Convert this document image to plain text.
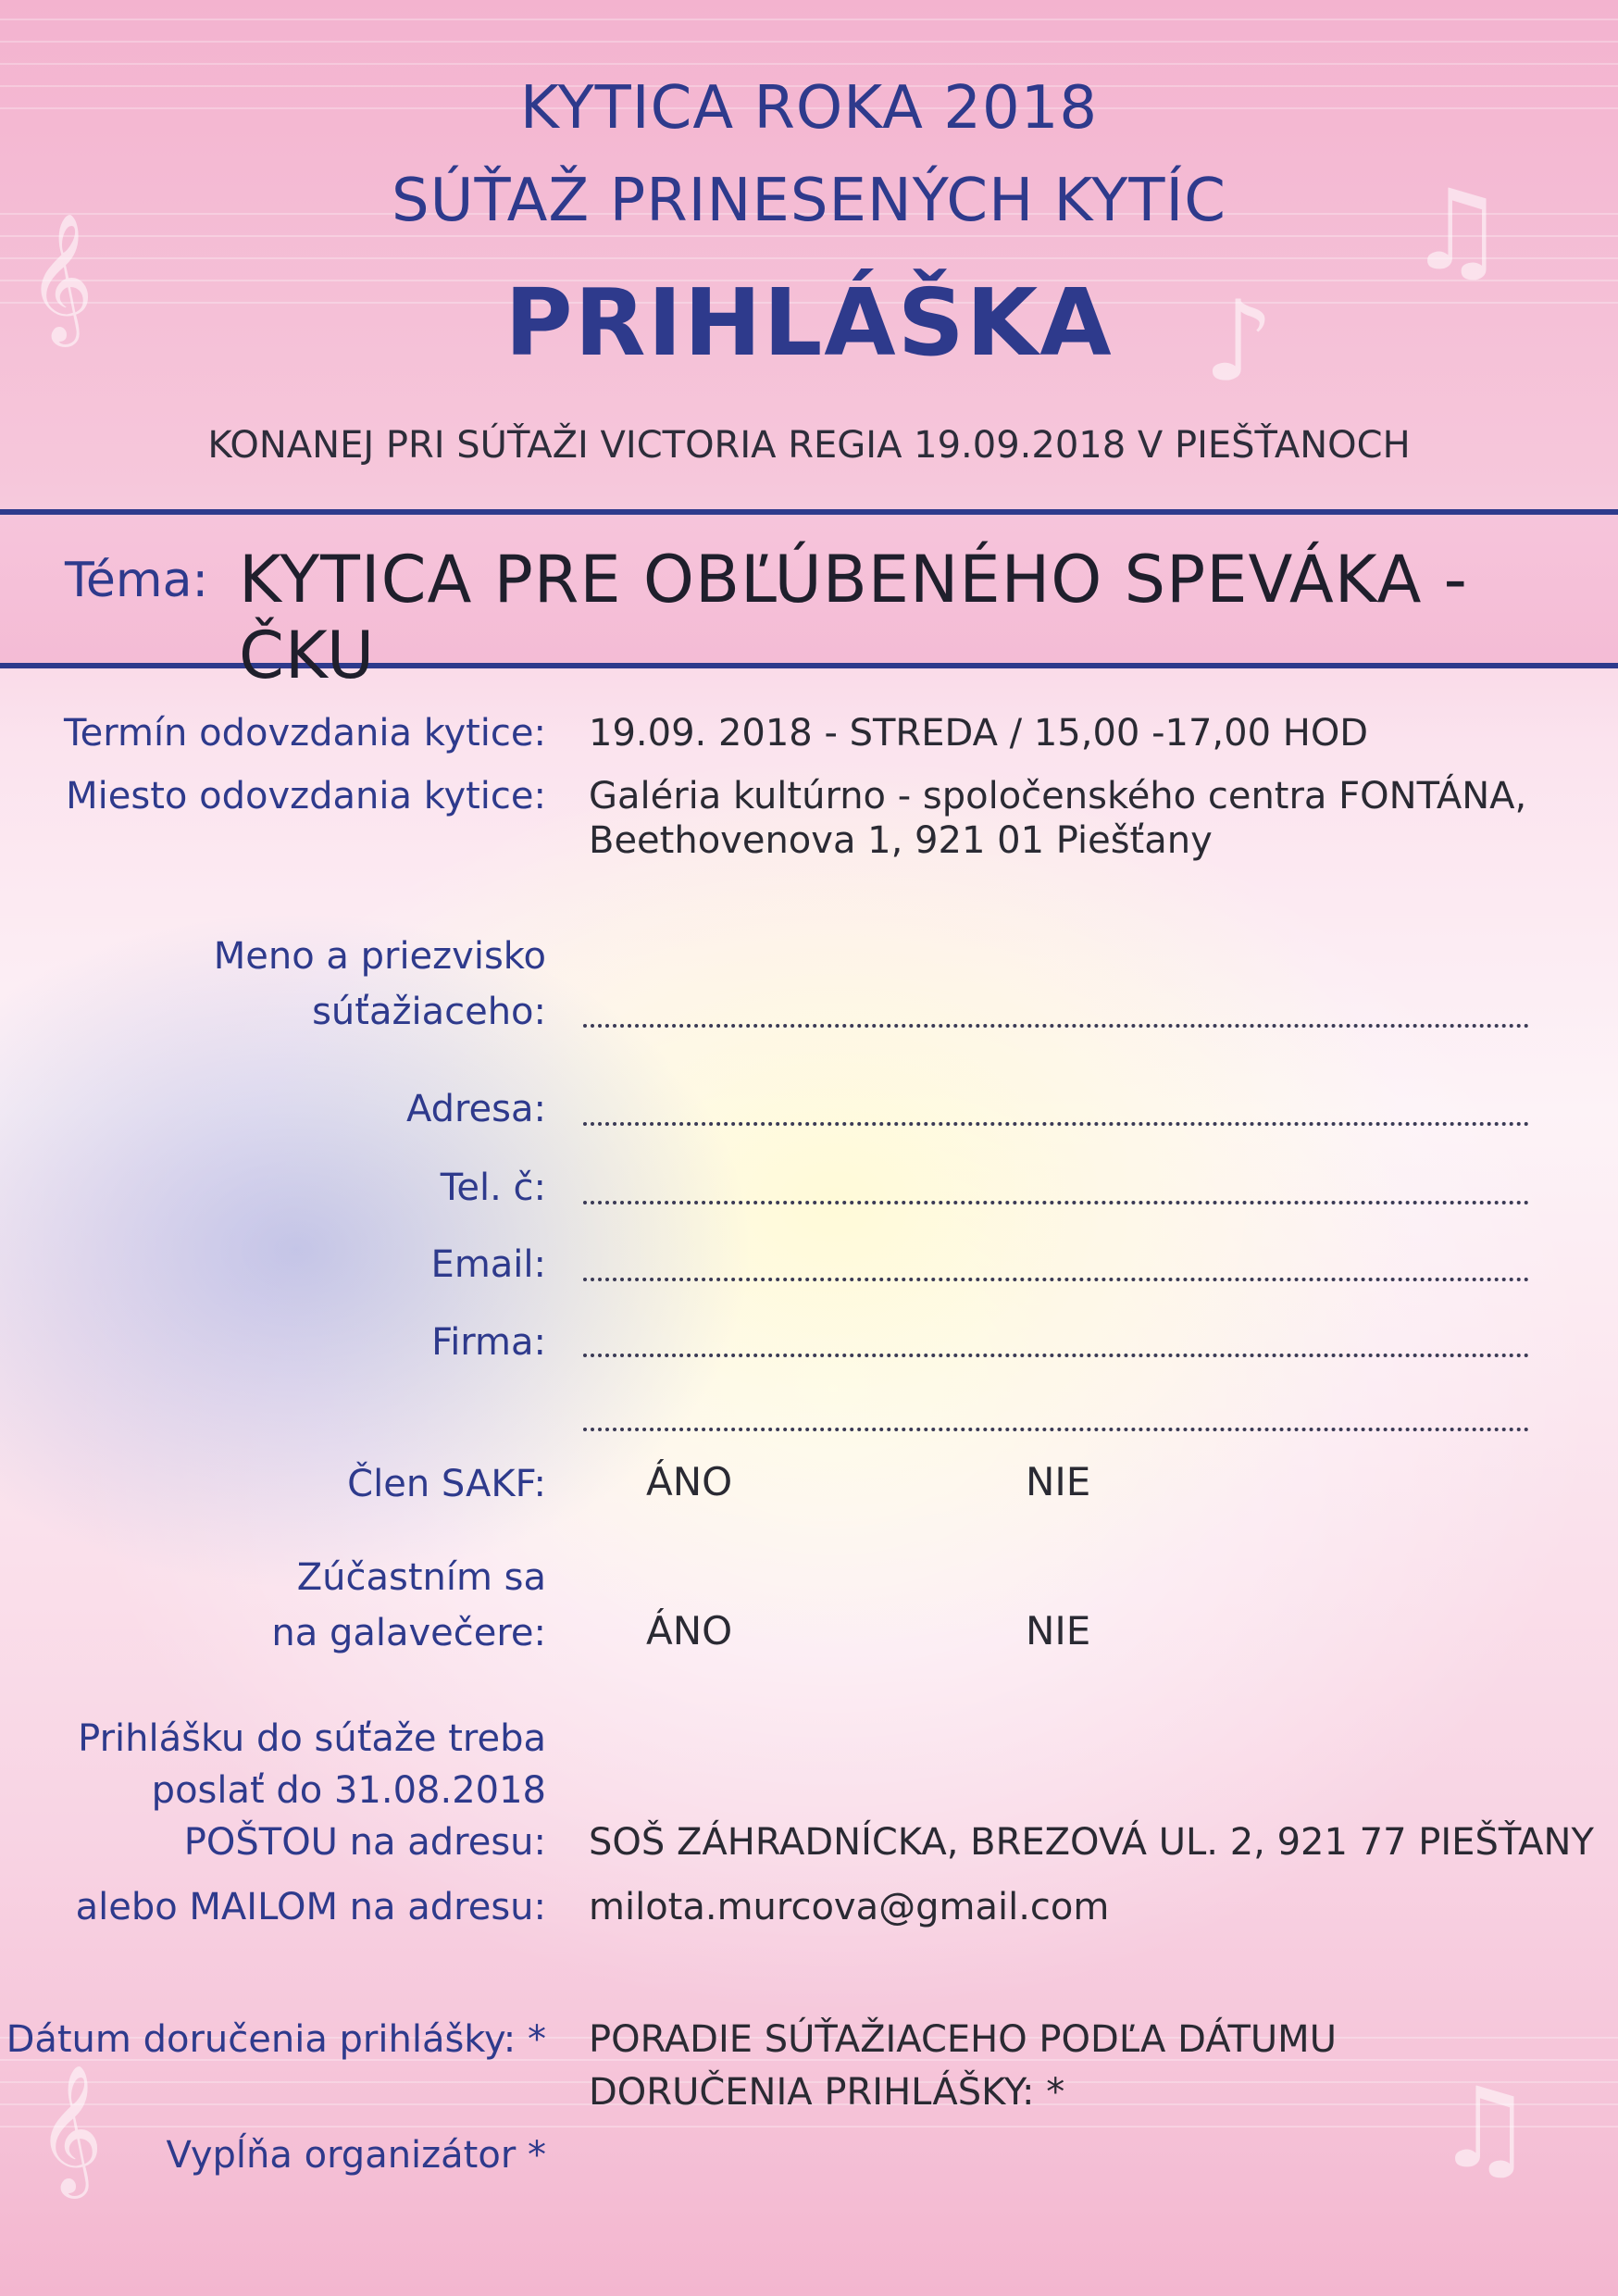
𝄞	♫
♪
𝄞	♫
KYTICA ROKA 2018
SÚŤAŽ PRINESENÝCH KYTÍC
PRIHLÁŠKA
KONANEJ PRI SÚŤAŽI VICTORIA REGIA 19.09.2018 V PIEŠŤANOCH
Téma: KYTICA PRE OBĽÚBENÉHO SPEVÁKA - ČKU
Termín odovzdania kytice: 19.09. 2018 - STREDA / 15,00 -17,00 HOD
Miesto odovzdania kytice: Galéria kultúrno - spoločenského centra FONTÁNA,
Beethovenova 1, 921 01 Piešťany
Meno a priezvisko
súťažiaceho:
Adresa:
Tel. č:
Email:
Firma:
Člen SAKF:	ÁNO	NIE
Zúčastním sa
na galavečere:	ÁNO	NIE
Prihlášku do súťaže treba
poslať do 31.08.2018
POŠTOU na adresu: SOŠ ZÁHRADNÍCKA, BREZOVÁ UL. 2, 921 77 PIEŠŤANY
alebo MAILOM na adresu: milota.murcova@gmail.com
Dátum doručenia prihlášky: * PORADIE SÚŤAŽIACEHO PODĽA DÁTUMU
DORUČENIA PRIHLÁŠKY: *
Vypĺňa organizátor *
